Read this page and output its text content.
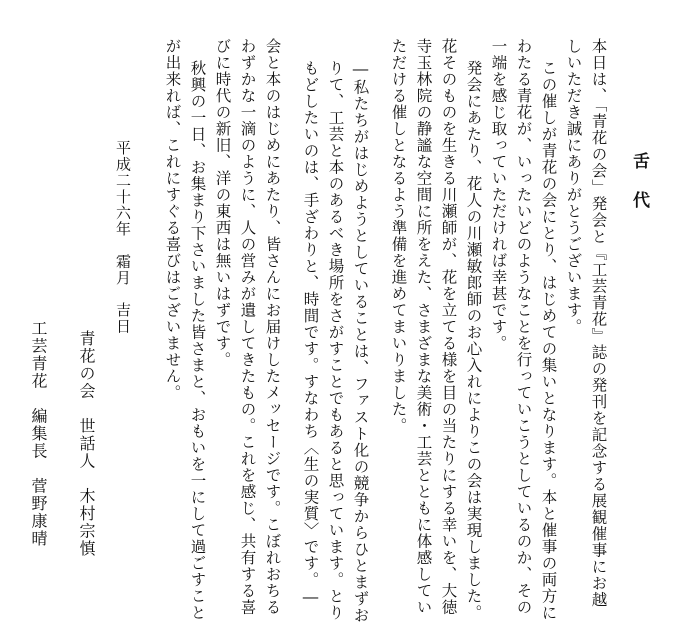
舌代
本日は、「青花の会」発会と『工芸青花』誌の発刊を記念する展観催事にお越
しいただき誠にありがとうございます。
この催しが青花の会にとり、はじめての集いとなります。本と催事の両方に
わたる青花が、いったいどのようなことを行っていこうとしているのか、その
一端を感じ取っていただければ幸甚です。
発会にあたり、花人の川瀬敏郎師のお心入れによりこの会は実現しました。
花そのものを生きる川瀬師が、花を立てる様を目の当たりにする幸いを、大徳
寺玉林院の静謐な空間に所をえた、さまざまな美術・工芸とともに体感してい
ただける催しとなるよう準備を進めてまいりました。
―私たちがはじめようとしていることは、ファスト化の競争からひとまずお
りて、工芸と本のあるべき場所をさがすことでもあると思っています。とり
もどしたいのは、手ざわりと、時間です。すなわち〈生の実質〉です。―
会と本のはじめにあたり、皆さんにお届けしたメッセージです。こぼれおちる
わずかな一滴のように、人の営みが遺してきたもの。これを感じ、共有する喜
びに時代の新旧、洋の東西は無いはずです。
秋興の一日、お集まり下さいました皆さまと、おもいを一にして過ごすこと
が出来れば、これにすぐる喜びはございません。
平成二十六年　霜月　吉日
青花の会　世話人　木村宗慎
工芸青花　編集長　菅野康晴
